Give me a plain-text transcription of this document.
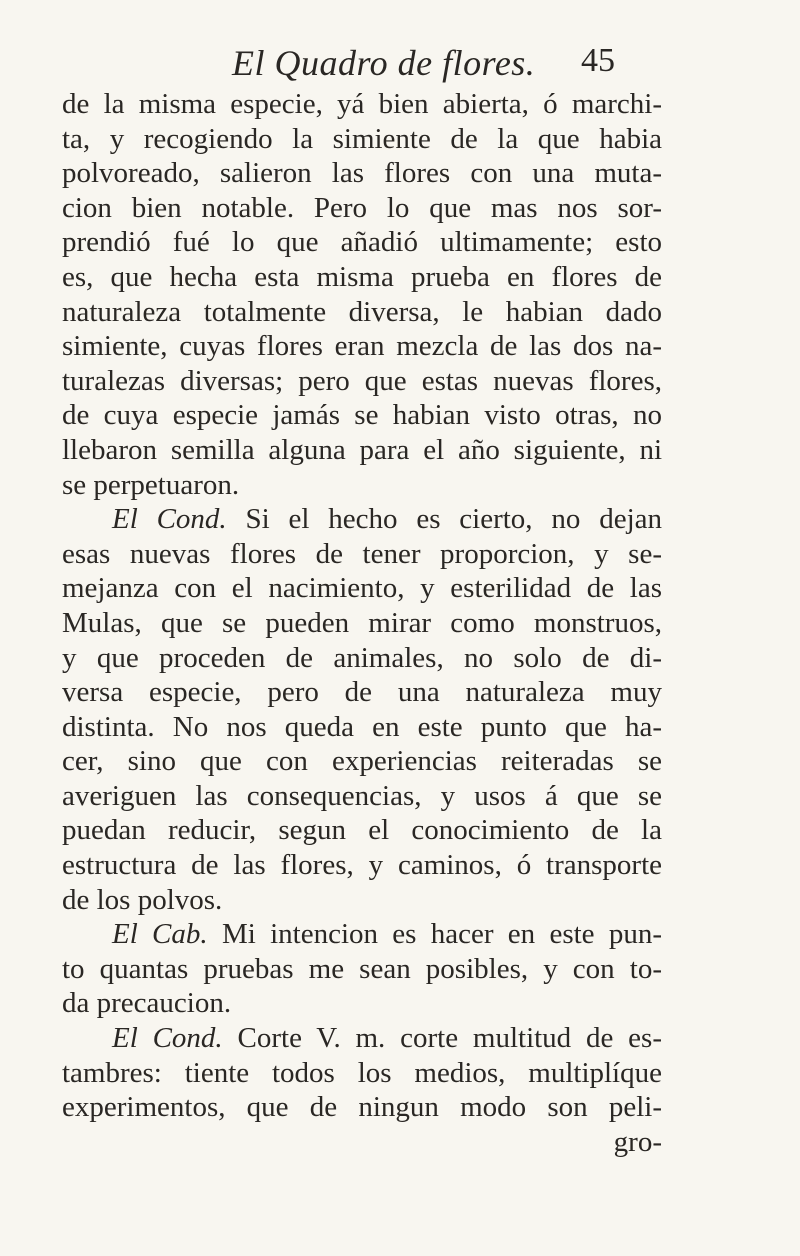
El Quadro de flores. 45
de la misma especie, yá bien abierta, ó marchi-
ta, y recogiendo la simiente de la que habia
polvoreado, salieron las flores con una muta-
cion bien notable. Pero lo que mas nos sor-
prendió fué lo que añadió ultimamente; esto
es, que hecha esta misma prueba en flores de
naturaleza totalmente diversa, le habian dado
simiente, cuyas flores eran mezcla de las dos na-
turalezas diversas; pero que estas nuevas flores,
de cuya especie jamás se habian visto otras, no
llebaron semilla alguna para el año siguiente, ni
se perpetuaron.
El Cond. Si el hecho es cierto, no dejan
esas nuevas flores de tener proporcion, y se-
mejanza con el nacimiento, y esterilidad de las
Mulas, que se pueden mirar como monstruos,
y que proceden de animales, no solo de di-
versa especie, pero de una naturaleza muy
distinta. No nos queda en este punto que ha-
cer, sino que con experiencias reiteradas se
averiguen las consequencias, y usos á que se
puedan reducir, segun el conocimiento de la
estructura de las flores, y caminos, ó transporte
de los polvos.
El Cab. Mi intencion es hacer en este pun-
to quantas pruebas me sean posibles, y con to-
da precaucion.
El Cond. Corte V. m. corte multitud de es-
tambres: tiente todos los medios, multiplíque
experimentos, que de ningun modo son peli-
gro-
